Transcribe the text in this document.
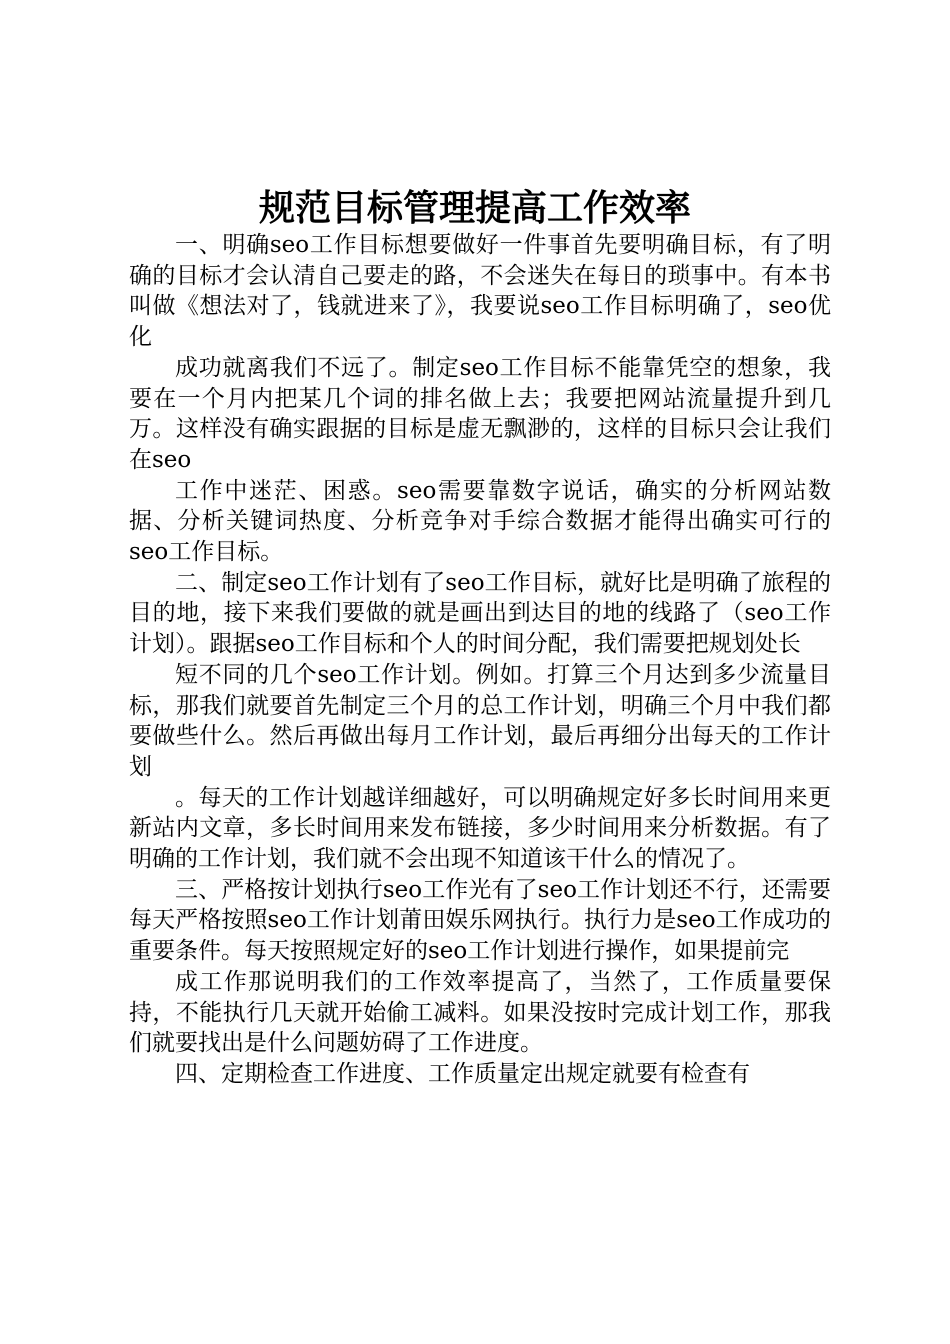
规范目标管理提高工作效率

一、明确seo工作目标想要做好一件事首先要明确目标，有了明确的目标才会认清自己要走的路，不会迷失在每日的琐事中。有本书叫做《想法对了，钱就进来了》，我要说seo工作目标明确了，seo优化

成功就离我们不远了。制定seo工作目标不能靠凭空的想象，我要在一个月内把某几个词的排名做上去；我要把网站流量提升到几万。这样没有确实跟据的目标是虚无飘渺的，这样的目标只会让我们在seo

工作中迷茫、困惑。seo需要靠数字说话，确实的分析网站数据、分析关键词热度、分析竞争对手综合数据才能得出确实可行的seo工作目标。

二、制定seo工作计划有了seo工作目标，就好比是明确了旅程的目的地，接下来我们要做的就是画出到达目的地的线路了（seo工作计划）。跟据seo工作目标和个人的时间分配，我们需要把规划处长

短不同的几个seo工作计划。例如。打算三个月达到多少流量目标，那我们就要首先制定三个月的总工作计划，明确三个月中我们都要做些什么。然后再做出每月工作计划，最后再细分出每天的工作计划

。每天的工作计划越详细越好，可以明确规定好多长时间用来更新站内文章，多长时间用来发布链接，多少时间用来分析数据。有了明确的工作计划，我们就不会出现不知道该干什么的情况了。

三、严格按计划执行seo工作光有了seo工作计划还不行，还需要每天严格按照seo工作计划莆田娱乐网执行。执行力是seo工作成功的重要条件。每天按照规定好的seo工作计划进行操作，如果提前完

成工作那说明我们的工作效率提高了，当然了，工作质量要保持，不能执行几天就开始偷工减料。如果没按时完成计划工作，那我们就要找出是什么问题妨碍了工作进度。

四、定期检查工作进度、工作质量定出规定就要有检查有
